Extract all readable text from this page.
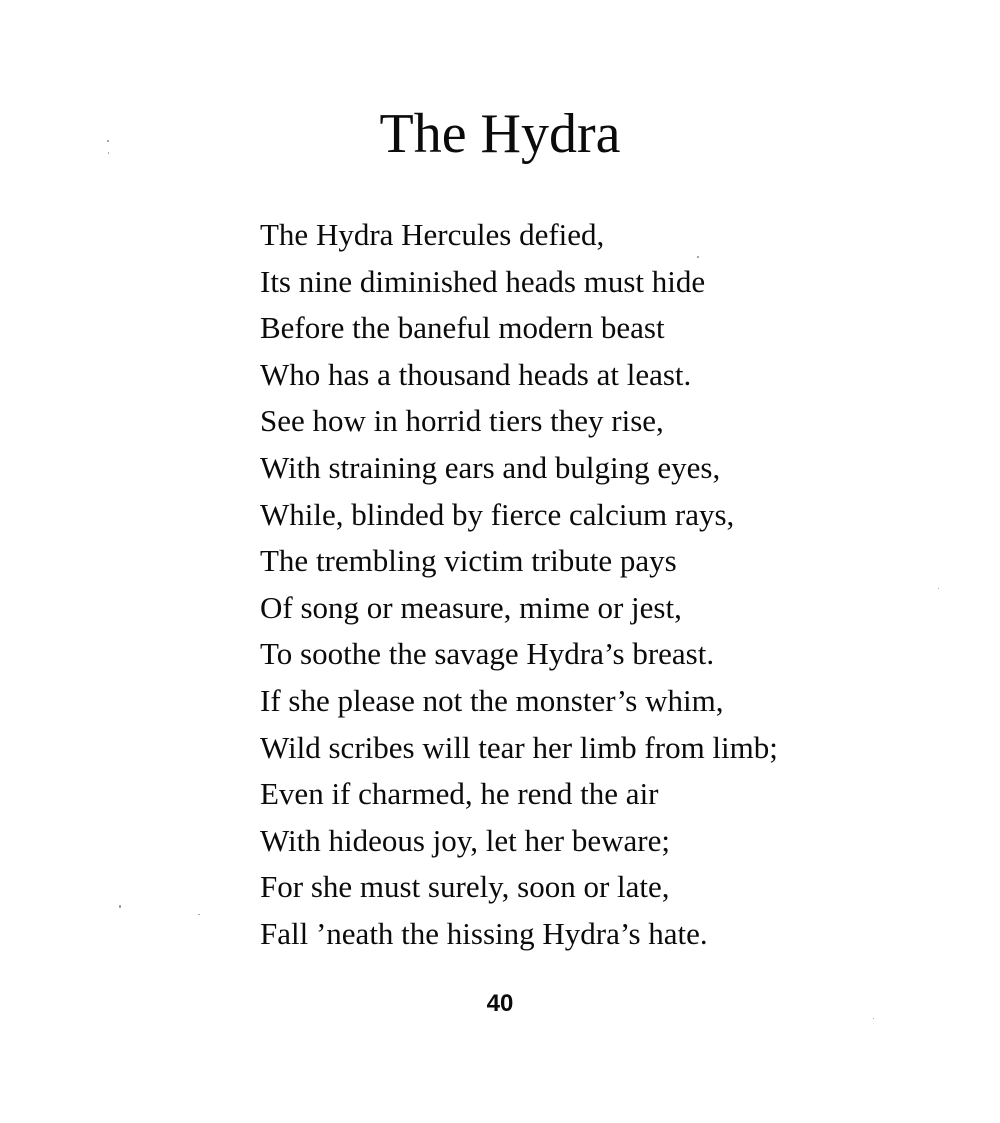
The Hydra
The Hydra Hercules defied,
Its nine diminished heads must hide
Before the baneful modern beast
Who has a thousand heads at least.
See how in horrid tiers they rise,
With straining ears and bulging eyes,
While, blinded by fierce calcium rays,
The trembling victim tribute pays
Of song or measure, mime or jest,
To soothe the savage Hydra’s breast.
If she please not the monster’s whim,
Wild scribes will tear her limb from limb;
Even if charmed, he rend the air
With hideous joy, let her beware;
For she must surely, soon or late,
Fall ’neath the hissing Hydra’s hate.
40
